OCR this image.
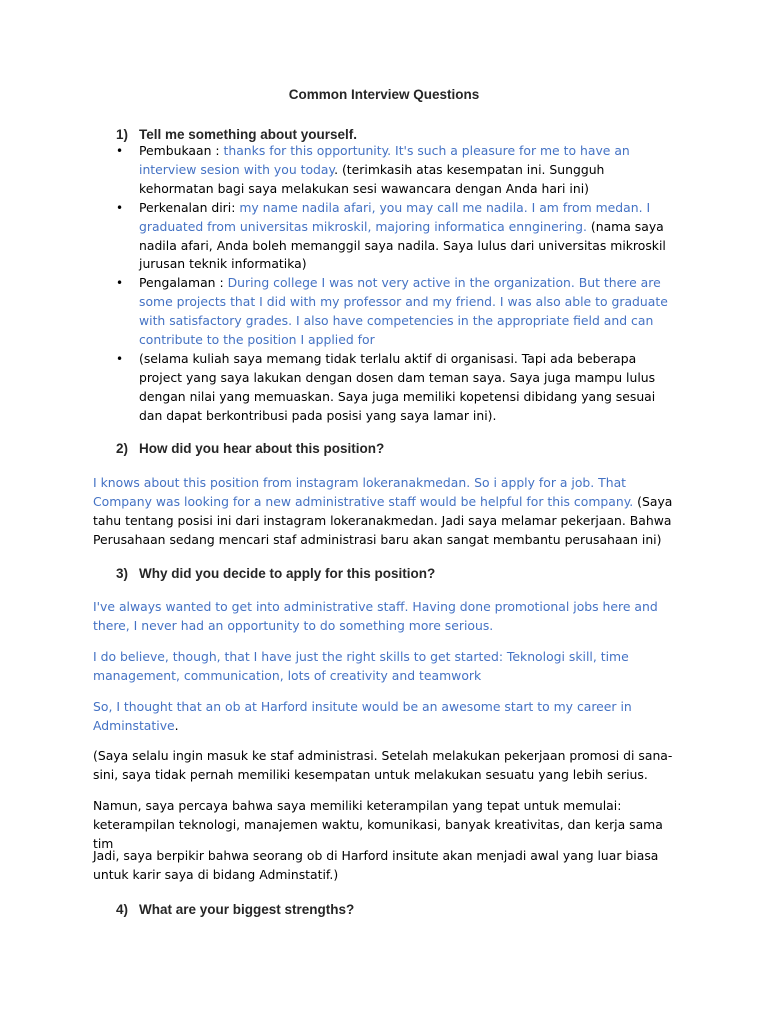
Common Interview Questions
1) Tell me something about yourself.
• Pembukaan : thanks for this opportunity. It's such a pleasure for me to have an interview sesion with you today. (terimkasih atas kesempatan ini. Sungguh kehormatan bagi saya melakukan sesi wawancara dengan Anda hari ini)
• Perkenalan diri: my name nadila afari, you may call me nadila. I am from medan. I graduated from universitas mikroskil, majoring informatica ennginering. (nama saya nadila afari, Anda boleh memanggil saya nadila. Saya lulus dari universitas mikroskil jurusan teknik informatika)
• Pengalaman : During college I was not very active in the organization. But there are some projects that I did with my professor and my friend. I was also able to graduate with satisfactory grades. I also have competencies in the appropriate field and can contribute to the position I applied for
• (selama kuliah saya memang tidak terlalu aktif di organisasi. Tapi ada beberapa project yang saya lakukan dengan dosen dam teman saya. Saya juga mampu lulus dengan nilai yang memuaskan. Saya juga memiliki kopetensi dibidang yang sesuai dan dapat berkontribusi pada posisi yang saya lamar ini).
2) How did you hear about this position?
I knows about this position from instagram lokeranakmedan. So i apply for a job. That Company was looking for a new administrative staff would be helpful for this company. (Saya tahu tentang posisi ini dari instagram lokeranakmedan. Jadi saya melamar pekerjaan. Bahwa Perusahaan sedang mencari staf administrasi baru akan sangat membantu perusahaan ini)
3) Why did you decide to apply for this position?
I've always wanted to get into administrative staff. Having done promotional jobs here and there, I never had an opportunity to do something more serious.
I do believe, though, that I have just the right skills to get started: Teknologi skill, time management, communication, lots of creativity and teamwork
So, I thought that an ob at Harford insitute would be an awesome start to my career in Adminstative.
(Saya selalu ingin masuk ke staf administrasi. Setelah melakukan pekerjaan promosi di sana-sini, saya tidak pernah memiliki kesempatan untuk melakukan sesuatu yang lebih serius.
Namun, saya percaya bahwa saya memiliki keterampilan yang tepat untuk memulai: keterampilan teknologi, manajemen waktu, komunikasi, banyak kreativitas, dan kerja sama tim
Jadi, saya berpikir bahwa seorang ob di Harford insitute akan menjadi awal yang luar biasa untuk karir saya di bidang Adminstatif.)
4) What are your biggest strengths?
